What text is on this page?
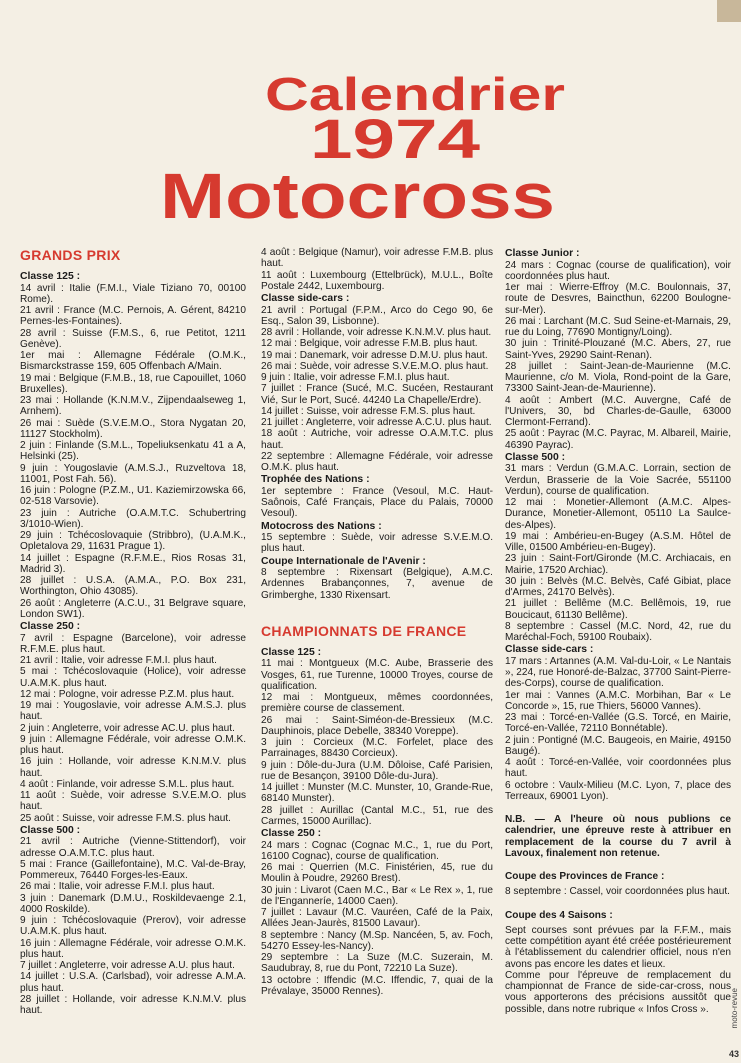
Calendrier
1974
Motocross
GRANDS PRIX
Classe 125 :
14 avril : Italie (F.M.I., Viale Tiziano 70, 00100 Rome).
21 avril : France (M.C. Pernois, A. Gérent, 84210 Pernes-les-Fontaines).
28 avril : Suisse (F.M.S., 6, rue Petitot, 1211 Genève).
1er mai : Allemagne Fédérale (O.M.K., Bismarckstrasse 159, 605 Offenbach A/Main.
19 mai : Belgique (F.M.B., 18, rue Capouillet, 1060 Bruxelles).
23 mai : Hollande (K.N.M.V., Zijpendaalseweg 1, Arnhem).
26 mai : Suède (S.V.E.M.O., Stora Nygatan 20, 11127 Stockholm).
2 juin : Finlande (S.M.L., Topeliuksenkatu 41 a A, Helsinki (25).
9 juin : Yougoslavie (A.M.S.J., Ruzveltova 18, 11001, Post Fah. 56).
16 juin : Pologne (P.Z.M., U1. Kaziemirzowska 66, 02-518 Varsovie).
23 juin : Autriche (O.A.M.T.C. Schubertring 3/1010-Wien).
29 juin : Tchécoslovaquie (Stribbro), (U.A.M.K., Opletalova 29, 11631 Prague 1).
14 juillet : Espagne (R.F.M.E., Rios Rosas 31, Madrid 3).
28 juillet : U.S.A. (A.M.A., P.O. Box 231, Worthington, Ohio 43085).
26 août : Angleterre (A.C.U., 31 Belgrave square, London SW1).
Classe 250 :
7 avril : Espagne (Barcelone), voir adresse R.F.M.E. plus haut.
21 avril : Italie, voir adresse F.M.I. plus haut.
5 mai : Tchécoslovaquie (Holice), voir adresse U.A.M.K. plus haut.
12 mai : Pologne, voir adresse P.Z.M. plus haut.
19 mai : Yougoslavie, voir adresse A.M.S.J. plus haut.
2 juin : Angleterre, voir adresse AC.U. plus haut.
9 juin : Allemagne Fédérale, voir adresse O.M.K. plus haut.
16 juin : Hollande, voir adresse K.N.M.V. plus haut.
4 août : Finlande, voir adresse S.M.L. plus haut.
11 août : Suède, voir adresse S.V.E.M.O. plus haut.
25 août : Suisse, voir adresse F.M.S. plus haut.
Classe 500 :
21 avril : Autriche (Vienne-Stittendorf), voir adresse O.A.M.T.C. plus haut.
5 mai : France (Gaillefontaine), M.C. Val-de-Bray, Pommereux, 76440 Forges-les-Eaux.
26 mai : Italie, voir adresse F.M.I. plus haut.
3 juin : Danemark (D.M.U., Roskildevaenge 2.1, 4000 Roskilde).
9 juin : Tchécoslovaquie (Prerov), voir adresse U.A.M.K. plus haut.
16 juin : Allemagne Fédérale, voir adresse O.M.K. plus haut.
7 juillet : Angleterre, voir adresse A.U. plus haut.
14 juillet : U.S.A. (Carlsbad), voir adresse A.M.A. plus haut.
28 juillet : Hollande, voir adresse K.N.M.V. plus haut.
4 août : Belgique (Namur), voir adresse F.M.B. plus haut.
11 août : Luxembourg (Ettelbrück), M.U.L., Boîte Postale 2442, Luxembourg.
Classe side-cars :
21 avril : Portugal (F.P.M., Arco do Cego 90, 6e Esq., Salon 39, Lisbonne).
28 avril : Hollande, voir adresse K.N.M.V. plus haut.
12 mai : Belgique, voir adresse F.M.B. plus haut.
19 mai : Danemark, voir adresse D.M.U. plus haut.
26 mai : Suède, voir adresse S.V.E.M.O. plus haut.
9 juin : Italie, voir adresse F.M.I. plus haut.
7 juillet : France (Sucé, M.C. Sucéen, Restaurant Vié, Sur le Port, Sucé. 44240 La Chapelle/Erdre).
14 juillet : Suisse, voir adresse F.M.S. plus haut.
21 juillet : Angleterre, voir adresse A.C.U. plus haut.
18 août : Autriche, voir adresse O.A.M.T.C. plus haut.
22 septembre : Allemagne Fédérale, voir adresse O.M.K. plus haut.
Trophée des Nations :
1er septembre : France (Vesoul, M.C. Haut-Saônois, Café Français, Place du Palais, 70000 Vesoul).
Motocross des Nations :
15 septembre : Suède, voir adresse S.V.E.M.O. plus haut.
Coupe Internationale de l'Avenir :
8 septembre : Rixensart (Belgique), A.M.C. Ardennes Brabançonnes, 7, avenue de Grimberghe, 1330 Rixensart.
CHAMPIONNATS DE FRANCE
Classe 125 :
11 mai : Montgueux (M.C. Aube, Brasserie des Vosges, 61, rue Turenne, 10000 Troyes, course de qualification.
12 mai : Montgueux, mêmes coordonnées, première course de classement.
26 mai : Saint-Siméon-de-Bressieux (M.C. Dauphinois, place Debelle, 38340 Voreppe).
3 juin : Corcieux (M.C. Forfelet, place des Parrainages, 88430 Corcieux).
9 juin : Dôle-du-Jura (U.M. Dôloise, Café Parisien, rue de Besançon, 39100 Dôle-du-Jura).
14 juillet : Munster (M.C. Munster, 10, Grande-Rue, 68140 Munster).
28 juillet : Aurillac (Cantal M.C., 51, rue des Carmes, 15000 Aurillac).
Classe 250 :
24 mars : Cognac (Cognac M.C., 1, rue du Port, 16100 Cognac), course de qualification.
26 mai : Querrien (M.C. Finistérien, 45, rue du Moulin à Poudre, 29260 Brest).
30 juin : Livarot (Caen M.C., Bar « Le Rex », 1, rue de l'Enganneríe, 14000 Caen).
7 juillet : Lavaur (M.C. Vauréen, Café de la Paix, Allées Jean-Jaurès, 81500 Lavaur).
8 septembre : Nancy (M.Sp. Nancéen, 5, av. Foch, 54270 Essey-les-Nancy).
29 septembre : La Suze (M.C. Suzerain, M. Saudubray, 8, rue du Pont, 72210 La Suze).
13 octobre : Iffendic (M.C. Iffendic, 7, quai de la Prévalaye, 35000 Rennes).
Classe Junior :
24 mars : Cognac (course de qualification), voir coordonnées plus haut.
1er mai : Wierre-Effroy (M.C. Boulonnais, 37, route de Desvres, Baincthun, 62200 Boulogne-sur-Mer).
26 mai : Larchant (M.C. Sud Seine-et-Marnais, 29, rue du Loing, 77690 Montigny/Loing).
30 juin : Trinité-Plouzané (M.C. Abers, 27, rue Saint-Yves, 29290 Saint-Renan).
28 juillet : Saint-Jean-de-Maurienne (M.C. Maurienne, c/o M. Viola, Rond-point de la Gare, 73300 Saint-Jean-de-Maurienne).
4 août : Ambert (M.C. Auvergne, Café de l'Univers, 30, bd Charles-de-Gaulle, 63000 Clermont-Ferrand).
25 août : Payrac (M.C. Payrac, M. Albareil, Mairie, 46390 Payrac).
Classe 500 :
31 mars : Verdun (G.M.A.C. Lorrain, section de Verdun, Brasserie de la Voie Sacrée, 551100 Verdun), course de qualification.
12 mai : Monetier-Allemont (A.M.C. Alpes-Durance, Monetier-Allemont, 05110 La Saulce-des-Alpes).
19 mai : Ambérieu-en-Bugey (A.S.M. Hôtel de Ville, 01500 Ambérieu-en-Bugey).
23 juin : Saint-Fort/Gironde (M.C. Archiacais, en Mairie, 17520 Archiac).
30 juin : Belvès (M.C. Belvès, Café Gibiat, place d'Armes, 24170 Belvès).
21 juillet : Bellême (M.C. Bellêmois, 19, rue Boucicaut, 61130 Bellême).
8 septembre : Cassel (M.C. Nord, 42, rue du Maréchal-Foch, 59100 Roubaix).
Classe side-cars :
17 mars : Artannes (A.M. Val-du-Loir, « Le Nantais », 224, rue Honoré-de-Balzac, 37700 Saint-Pierre-des-Corps), course de qualification.
1er mai : Vannes (A.M.C. Morbihan, Bar « Le Concorde », 15, rue Thiers, 56000 Vannes).
23 mai : Torcé-en-Vallée (G.S. Torcé, en Mairie, Torcé-en-Vallée, 72110 Bonnétable).
2 juin : Pontigné (M.C. Baugeois, en Mairie, 49150 Baugé).
4 août : Torcé-en-Vallée, voir coordonnées plus haut.
6 octobre : Vaulx-Milieu (M.C. Lyon, 7, place des Terreaux, 69001 Lyon).
N.B. — A l'heure où nous publions ce calendrier, une épreuve reste à attribuer en remplacement de la course du 7 avril à Lavoux, finalement non retenue.
Coupe des Provinces de France :
8 septembre : Cassel, voir coordonnées plus haut.
Coupe des 4 Saisons :
Sept courses sont prévues par la F.F.M., mais cette compétition ayant été créée postérieurement à l'établissement du calendrier officiel, nous n'en avons pas encore les dates et lieux.
Comme pour l'épreuve de remplacement du championnat de France de side-car-cross, nous vous apporterons des précisions aussitôt que possible, dans notre rubrique « Infos Cross ».	moto-revue
43
